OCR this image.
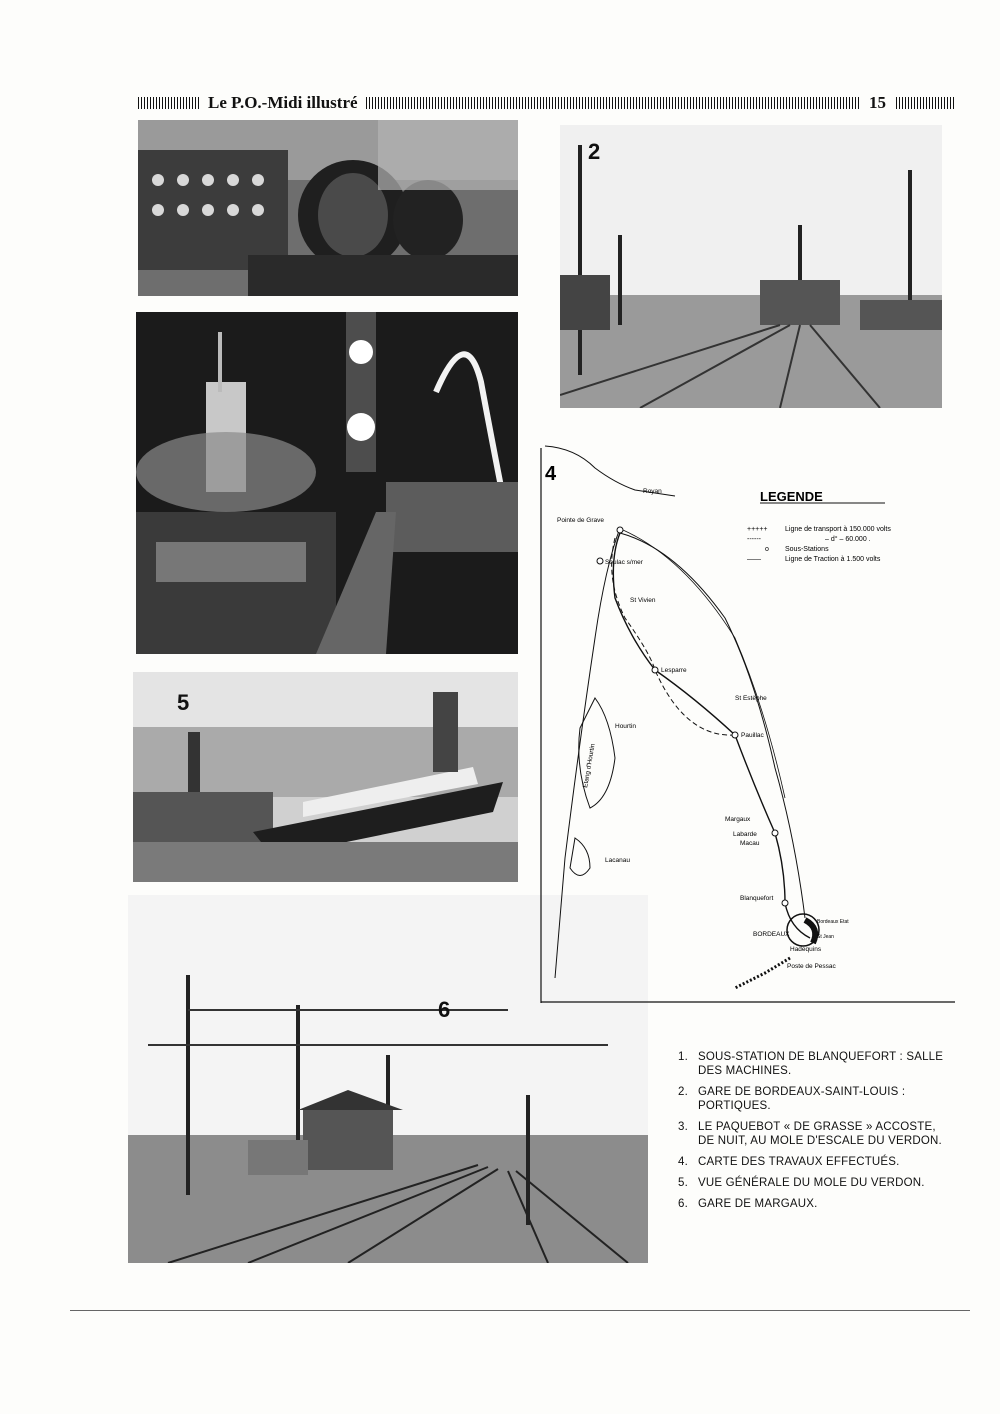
Le P.O.-Midi illustré	15
5
6
2
4
LEGENDE
+++++	Ligne de transport à 150.000 volts
------	– d° – 60.000 .
o Sous-Stations
——	Ligne de Traction à 1.500 volts
Royan
Pointe de Grave
Soulac s/mer
St Vivien
Lesparre
St Estèphe
Pauillac
Hourtin
Etang d'Hourtin
Margaux
Labarde
Macau
Lacanau
Blanquefort
BORDEAUX
Bordeaux Etat
St Jean
Hadequins
Poste de Pessac
1. SOUS-STATION DE BLANQUEFORT : SALLE DES MACHINES.
2. GARE DE BORDEAUX-SAINT-LOUIS : PORTIQUES.
3. LE PAQUEBOT « DE GRASSE » ACCOSTE, DE NUIT, AU MOLE D'ESCALE DU VERDON.
4. CARTE DES TRAVAUX EFFECTUÉS.
5. VUE GÉNÉRALE DU MOLE DU VERDON.
6. GARE DE MARGAUX.
